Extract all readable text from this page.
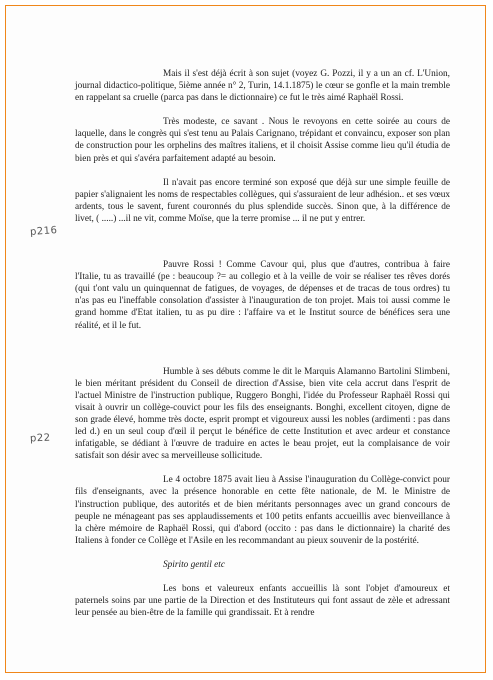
p216
p22

Mais il s'est déjà écrit à son sujet (voyez G. Pozzi, il y a un an cf. L'Union, journal didactico-politique, 5ième année n° 2, Turin, 14.1.1875) le cœur se gonfle et la main tremble en rappelant sa cruelle (parca pas dans le dictionnaire) ce fut le très aimé Raphaël Rossi.

Très modeste, ce savant . Nous le revoyons en cette soirée au cours de laquelle, dans le congrès qui s'est tenu au Palais Carignano, trépidant et convaincu, exposer son plan de construction pour les orphelins des maîtres italiens, et il choisit Assise comme lieu qu'il étudia de bien près et qui s'avéra parfaitement adapté au besoin.

Il n'avait pas encore terminé son exposé que déjà sur une simple feuille de papier s'alignaient les noms de respectables collègues, qui s'assuraient de leur adhésion.. et ses vœux ardents, tous le savent, furent couronnés du plus splendide succès. Sinon que, à la différence de livet, ( .....) ...il ne vit, comme Moïse, que la terre promise ... il ne put y entrer.

Pauvre Rossi ! Comme Cavour qui, plus que d'autres, contribua à faire l'Italie, tu as travaillé (pe : beaucoup ?= au collegio et à la veille de voir se réaliser tes rêves dorés (qui t'ont valu un quinquennat de fatigues, de voyages, de dépenses et de tracas de tous ordres) tu n'as pas eu l'ineffable consolation d'assister à l'inauguration de ton projet. Mais toi aussi comme le grand homme d'Etat italien, tu as pu dire : l'affaire va et le Institut source de bénéfices sera une réalité, et il le fut.

Humble à ses débuts comme le dit le Marquis Alamanno Bartolini Slimbeni, le bien méritant président du Conseil de direction d'Assise, bien vite cela accrut dans l'esprit de l'actuel Ministre de l'instruction publique, Ruggero Bonghi, l'idée du Professeur Raphaël Rossi qui visait à ouvrir un collège-couvict pour les fils des enseignants. Bonghi, excellent citoyen, digne de son grade élevé, homme très docte, esprit prompt et vigoureux aussi les nobles (ardimenti : pas dans led d.) en un seul coup d'œil il perçut le bénéfice de cette Institution et avec ardeur et constance infatigable, se dédiant à l'œuvre de traduire en actes le beau projet, eut la complaisance de voir satisfait son désir avec sa merveilleuse sollicitude.

Le 4 octobre 1875 avait lieu à Assise l'inauguration du Collège-convict pour fils d'enseignants, avec la présence honorable en cette fête nationale, de M. le Ministre de l'instruction publique, des autorités et de bien méritants personnages avec un grand concours de peuple ne ménageant pas ses applaudissements et 100 petits enfants accueillis avec bienveillance à la chère mémoire de Raphaël Rossi, qui d'abord (occito : pas dans le dictionnaire) la charité des Italiens à fonder ce Collège et l'Asile en les recommandant au pieux souvenir de la postérité.

Spirito gentil etc

Les bons et valeureux enfants accueillis là sont l'objet d'amoureux et paternels soins par une partie de la Direction et des Instituteurs qui font assaut de zèle et adressant leur pensée au bien-être de la famille qui grandissait. Et à rendre
